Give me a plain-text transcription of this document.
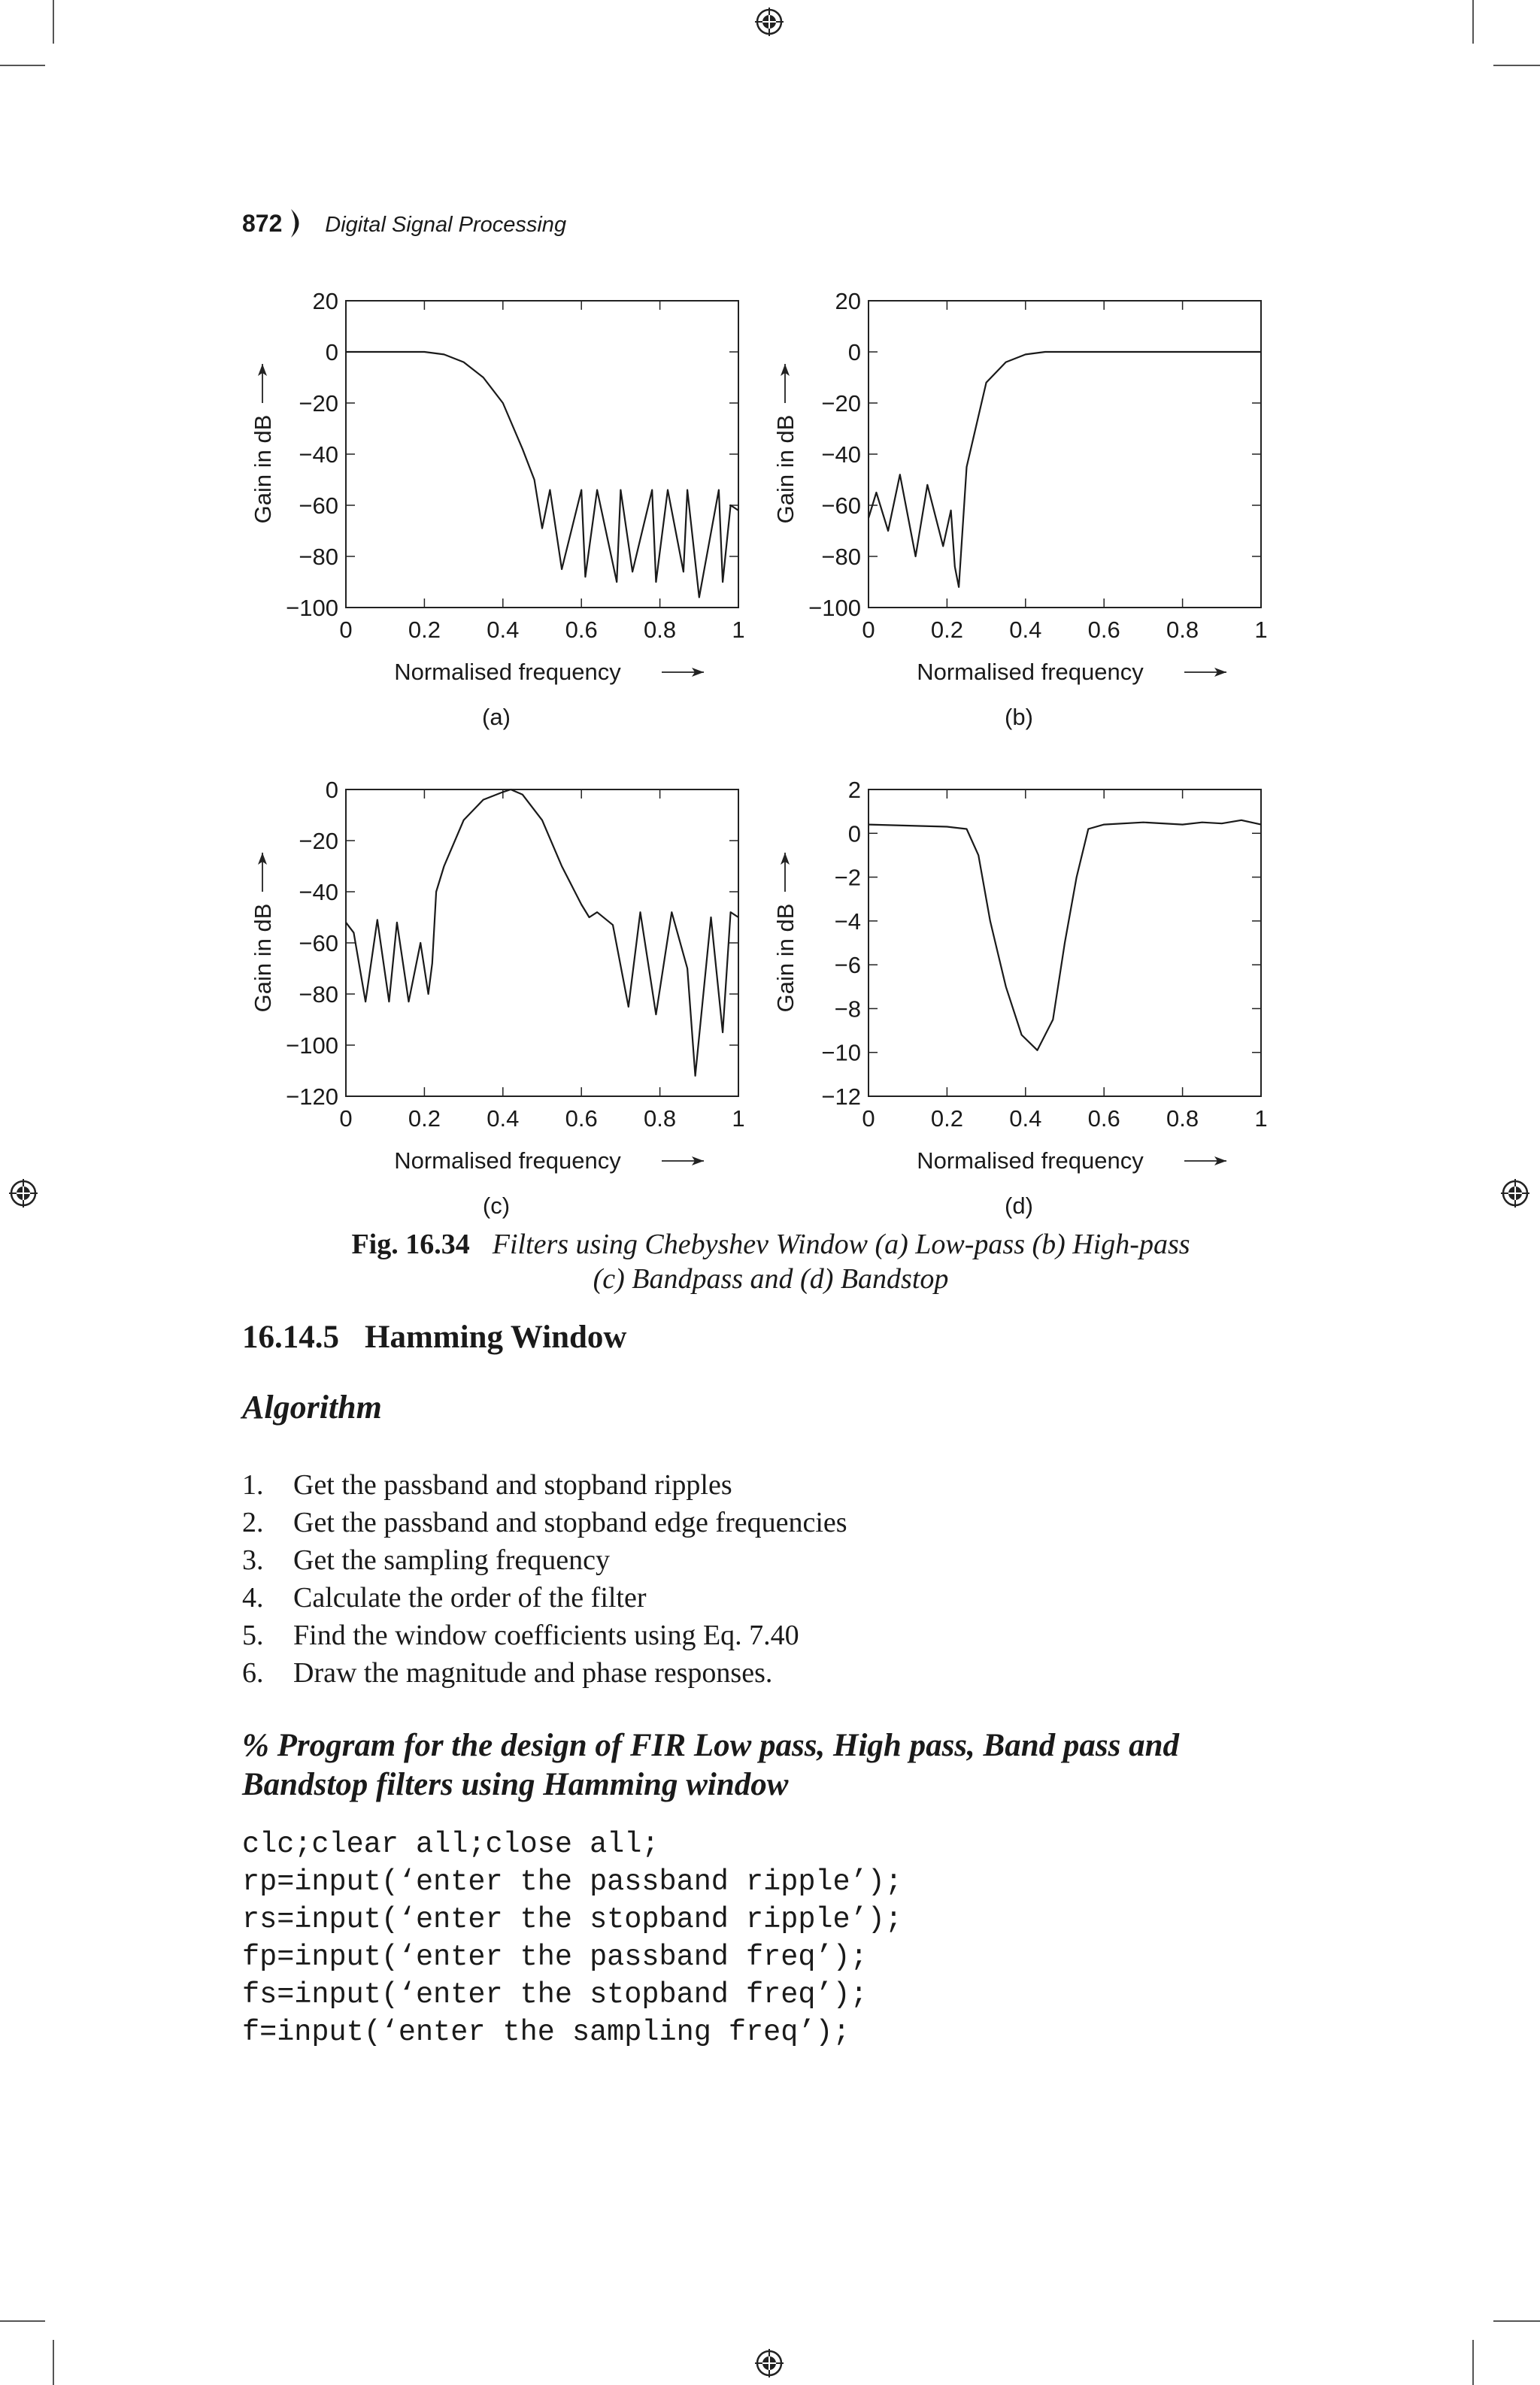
872 Digital Signal Processing
20
0
−20
−40
−60
−80
−100
0 0.2 0.4 0.6 0.8 1
Normalised frequency
Gain in dB
(a)
20
0
−20
−40
−60
−80
−100
0 0.2 0.4 0.6 0.8 1
Normalised frequency
Gain in dB
(b)
0
−20
−40
−60
−80
−100
−120
0 0.2 0.4 0.6 0.8 1
Normalised frequency
Gain in dB
(c)
2
0
−2
−4
−6
−8
−10
−12
0 0.2 0.4 0.6 0.8 1
Normalised frequency
Gain in dB
(d)
Fig. 16.34 Filters using Chebyshev Window (a) Low-pass (b) High-pass
(c) Bandpass and (d) Bandstop
16.14.5 Hamming Window
Algorithm
1.	Get the passband and stopband ripples
2.	Get the passband and stopband edge frequencies
3.	Get the sampling frequency
4.	Calculate the order of the filter
5.	Find the window coefficients using Eq. 7.40
6.	Draw the magnitude and phase responses.
% Program for the design of FIR Low pass, High pass, Band pass and Bandstop filters using Hamming window
clc;clear all;close all;
rp=input(‘enter the passband ripple’);
rs=input(‘enter the stopband ripple’);
fp=input(‘enter the passband freq’);
fs=input(‘enter the stopband freq’);
f=input(‘enter the sampling freq’);
